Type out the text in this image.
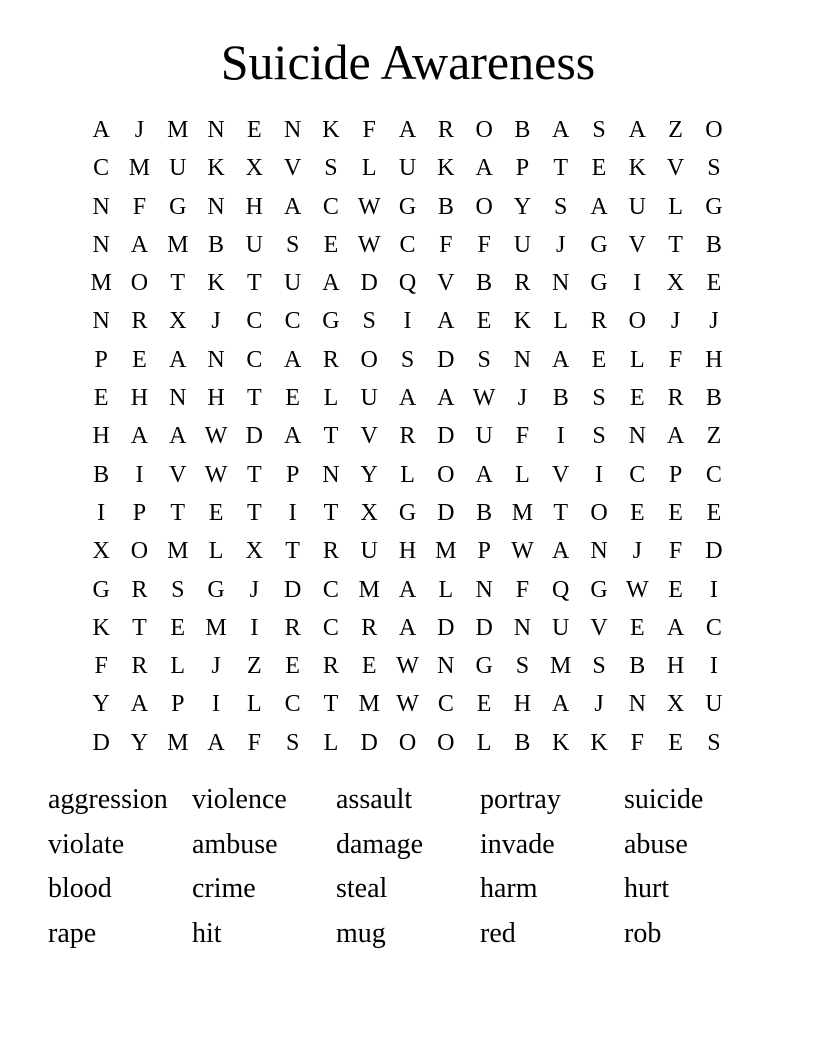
Suicide Awareness
A	J M N E N K F A R O B A S A Z O
C M U K X V S	L U K A P	T E K V S
N F G N H A C W G B O Y S A U L G
N A M B U S	E W C F	F U	J	G V T B
M O T K T U A D Q V B R N G	I	X E
N R X	J	C C G S	I	A E K L R O	J	J
P	E A N C A R O S D S N A E L	F H
E H N H T E L U A A W J	B S	E R B
H A A W D A T V R D U F	I	S N A Z
B	I	V W T	P N Y L O A L V	I	C P C
I	P	T E T	I	T X G D B M T O E E E
X O M L X T R U H M P W A N	J	F D
G R S G	J	D C M A L N F Q G W E	I
K T E M I	R C R A D D N U V E A C
F R L	J	Z E R E W N G S M S B H	I
Y A P	I	L C T M W C E H A	J	N X U
D Y M A F	S	L D O O L B K K F	E	S
aggression violence	assault	portray	suicide
violate	ambuse	damage	invade	abuse
blood	crime	steal	harm	hurt
rape	hit	mug	red	rob
